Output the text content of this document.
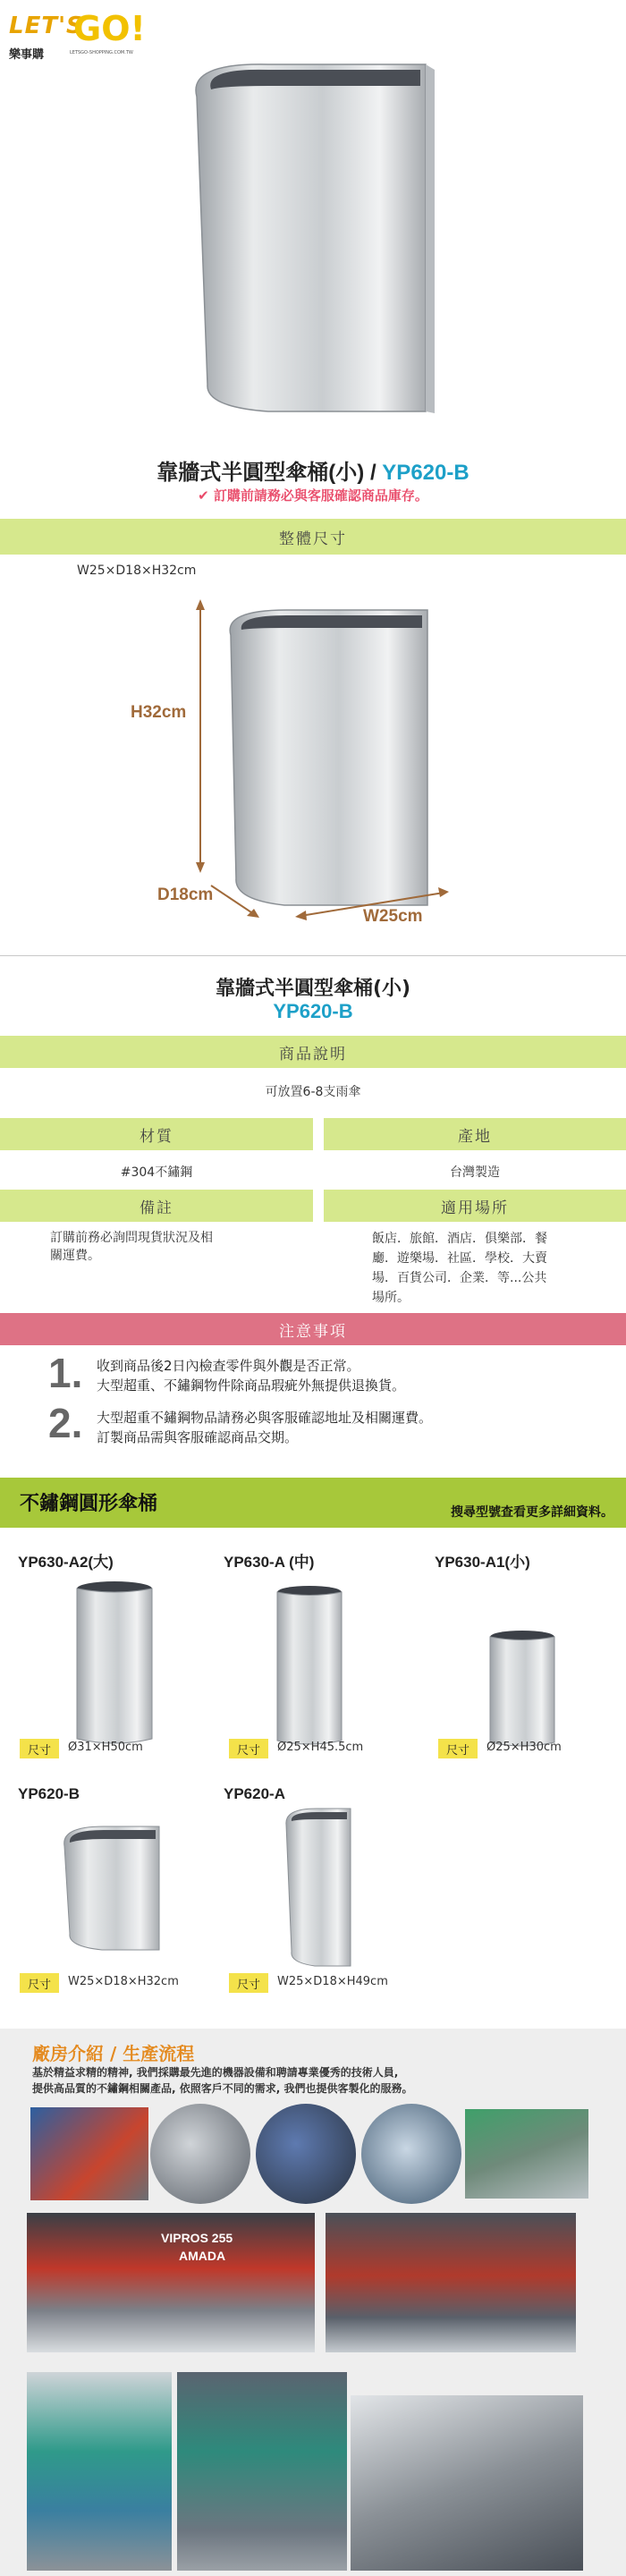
LET'S
GO!
樂事購	LETSGO-SHOPPING.COM.TW
靠牆式半圓型傘桶(小) / YP620-B
✔ 訂購前請務必與客服確認商品庫存。
整體尺寸
W25×D18×H32cm
H32cm
D18cm
W25cm
靠牆式半圓型傘桶(小)
YP620-B
商品說明
可放置6-8支雨傘
材質	產地
#304不鏽鋼	台灣製造
備註	適用場所
訂購前務必詢問現貨狀況及相
關運費。
飯店．旅館．酒店．俱樂部．餐
廳．遊樂場．社區．學校．大賣
場．百貨公司．企業．等...公共
場所。
注意事項
1. 收到商品後2日內檢查零件與外觀是否正常。
大型超重、不鏽鋼物件除商品瑕疵外無提供退換貨。
2. 大型超重不鏽鋼物品請務必與客服確認地址及相關運費。
訂製商品需與客服確認商品交期。
不鏽鋼圓形傘桶	搜尋型號查看更多詳細資料。
YP630-A2(大)	YP630-A (中)	YP630-A1(小)
尺寸	Ø31×H50cm	尺寸	Ø25×H45.5cm	尺寸	Ø25×H30cm
YP620-B	YP620-A
尺寸	W25×D18×H32cm	尺寸	W25×D18×H49cm
廠房介紹 / 生產流程
基於精益求精的精神, 我們採購最先進的機器設備和聘請專業優秀的技術人員,
提供高品質的不鏽鋼相關產品, 依照客戶不同的需求, 我們也提供客製化的服務。
VIPROS 255
AMADA
